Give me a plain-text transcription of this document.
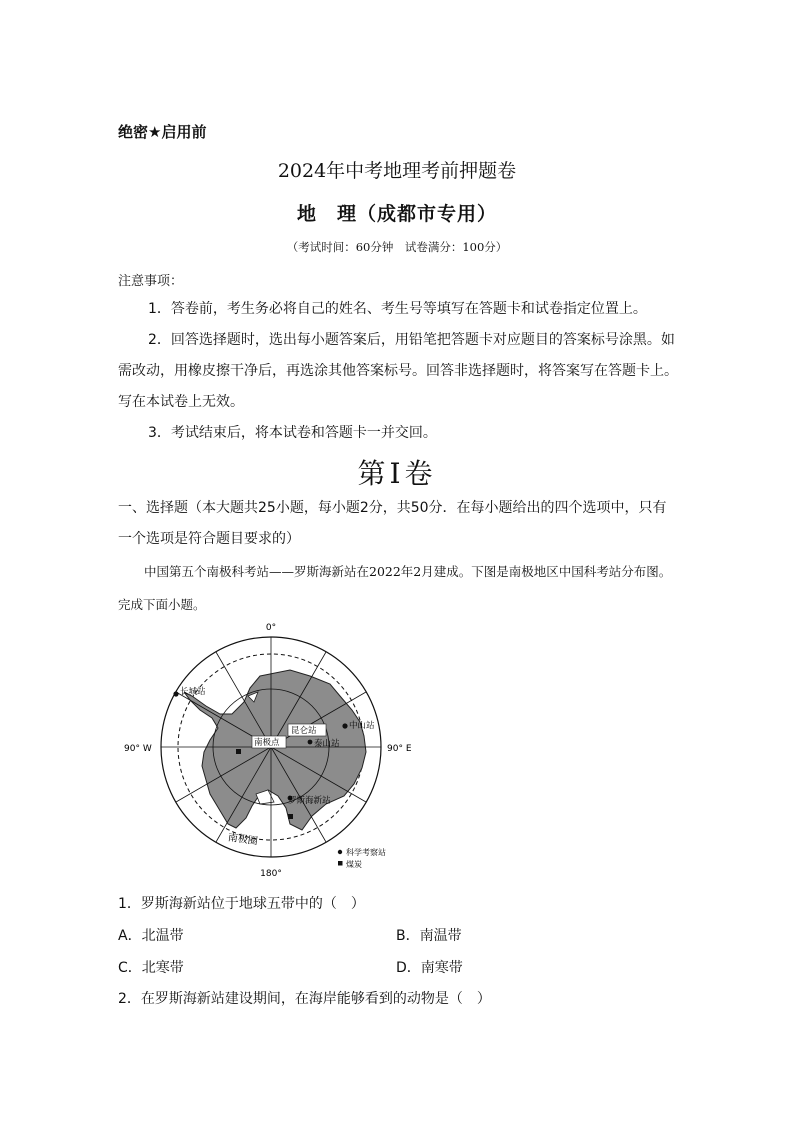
绝密★启用前
2024年中考地理考前押题卷
地　理（成都市专用）
（考试时间：60分钟　试卷满分：100分）
注意事项：
1．答卷前，考生务必将自己的姓名、考生号等填写在答题卡和试卷指定位置上。
2．回答选择题时，选出每小题答案后，用铅笔把答题卡对应题目的答案标号涂黑。如需改动，用橡皮擦干净后，再选涂其他答案标号。回答非选择题时，将答案写在答题卡上。写在本试卷上无效。
3．考试结束后，将本试卷和答题卡一并交回。
第Ⅰ卷
一、选择题（本大题共25小题，每小题2分，共50分．在每小题给出的四个选项中，只有一个选项是符合题目要求的）
中国第五个南极科考站——罗斯海新站在2022年2月建成。下图是南极地区中国科考站分布图。完成下面小题。
0°
180°
90° W	90° E
长城站
中山站
昆仑站
泰山站
南极点
罗斯海新站
南极圈
科学考察站
煤炭
1．罗斯海新站位于地球五带中的（　）
A．北温带	B．南温带
C．北寒带	D．南寒带
2．在罗斯海新站建设期间，在海岸能够看到的动物是（　）
